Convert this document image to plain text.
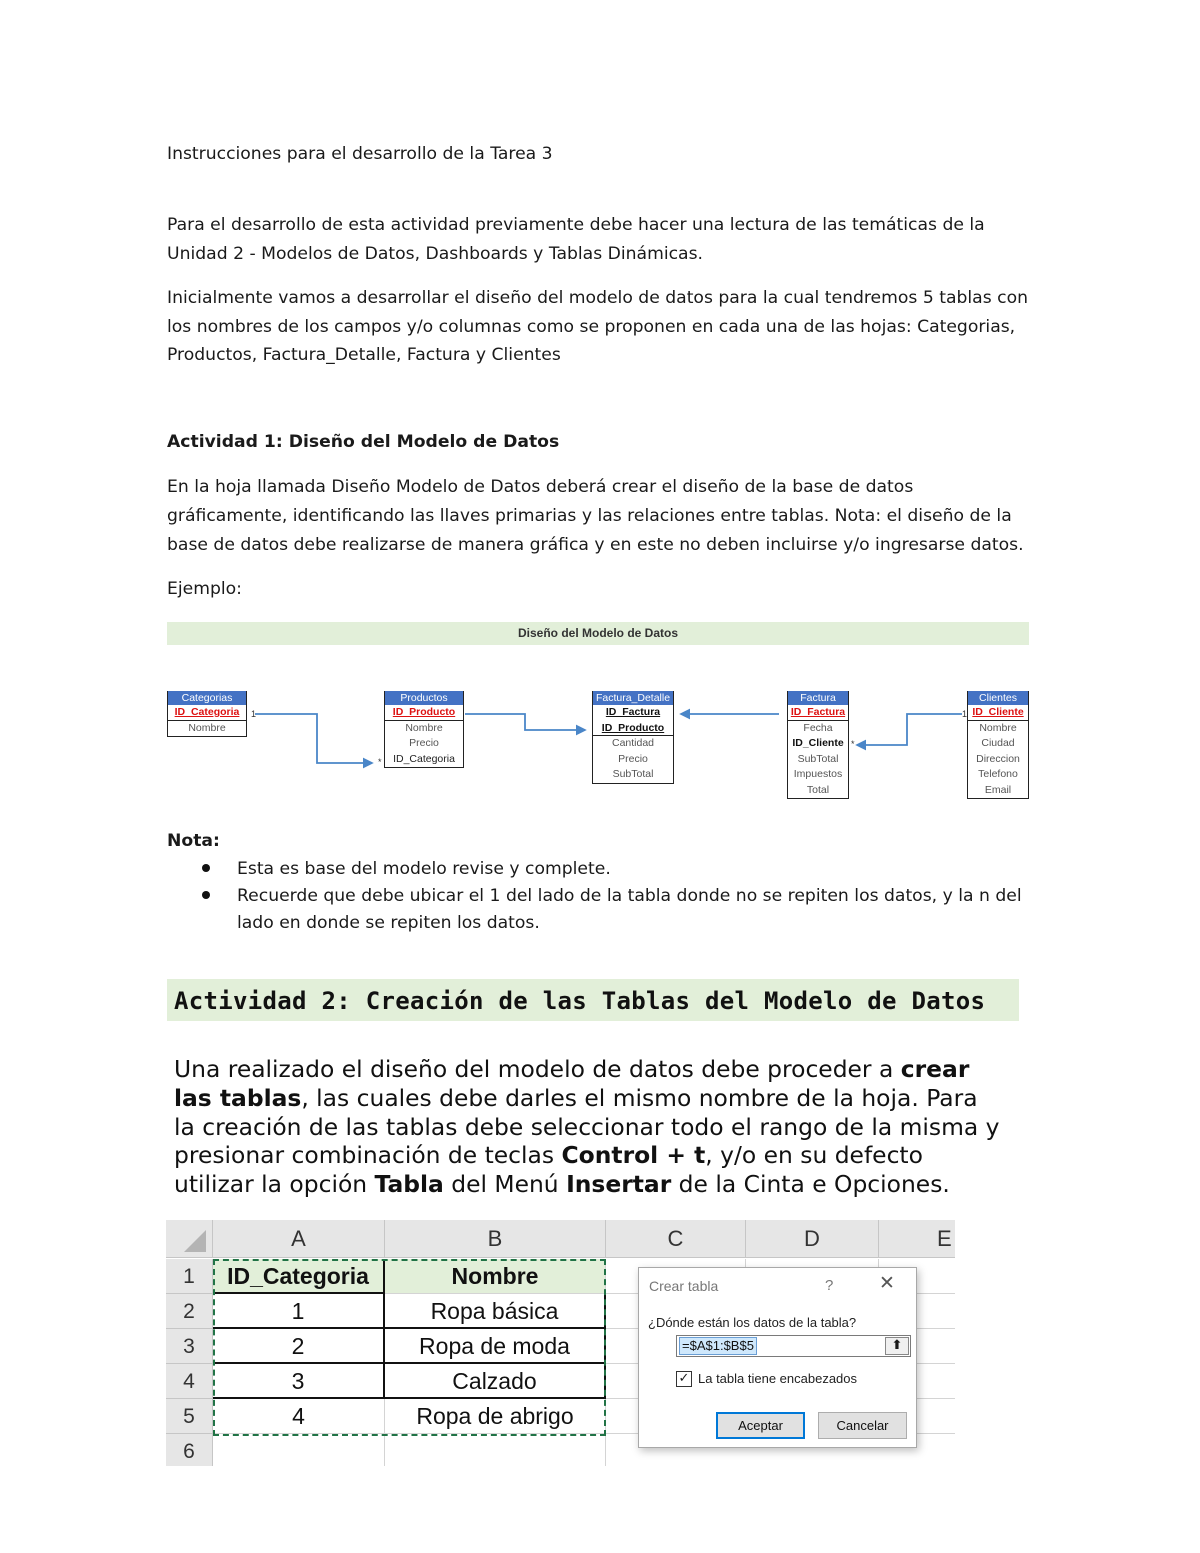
Instrucciones para el desarrollo de la Tarea 3
Para el desarrollo de esta actividad previamente debe hacer una lectura de las temáticas de la
Unidad 2 - Modelos de Datos, Dashboards y Tablas Dinámicas.
Inicialmente vamos a desarrollar el diseño del modelo de datos para la cual tendremos 5 tablas con
los nombres de los campos y/o columnas como se proponen en cada una de las hojas: Categorias,
Productos, Factura_Detalle, Factura y Clientes
Actividad 1: Diseño del Modelo de Datos
En la hoja llamada Diseño Modelo de Datos deberá crear el diseño de la base de datos
gráficamente, identificando las llaves primarias y las relaciones entre tablas. Nota: el diseño de la
base de datos debe realizarse de manera gráfica y en este no deben incluirse y/o ingresarse datos.
Ejemplo:
Diseño del Modelo de Datos
1
*
*
1
Categorias
ID_Categoria
Nombre
Productos
ID_Producto
Nombre
Precio
ID_Categoria
Factura_Detalle
ID_Factura
ID_Producto
Cantidad
Precio
SubTotal
Factura
ID_Factura
Fecha
ID_Cliente
SubTotal
Impuestos
Total
Clientes
ID_Cliente
Nombre
Ciudad
Direccion
Telefono
Email
Nota:
Esta es base del modelo revise y complete.
Recuerde que debe ubicar el 1 del lado de la tabla donde no se repiten los datos, y la n del
lado en donde se repiten los datos.
Actividad 2: Creación de las Tablas del Modelo de Datos
Una realizado el diseño del modelo de datos debe proceder a crear
las tablas, las cuales debe darles el mismo nombre de la hoja. Para
la creación de las tablas debe seleccionar todo el rango de la misma y
presionar combinación de teclas Control + t, y/o en su defecto
utilizar la opción Tabla del Menú Insertar de la Cinta e Opciones.
A	B	C	D	E
1
2
3
4
5
6
ID_Categoria	Nombre
1	Ropa básica
2	Ropa de moda
3	Calzado
4	Ropa de abrigo
Crear tabla	? ✕
¿Dónde están los datos de la tabla?
=$A$1:$B$5	⬆
✓ La tabla tiene encabezados
Aceptar	Cancelar
